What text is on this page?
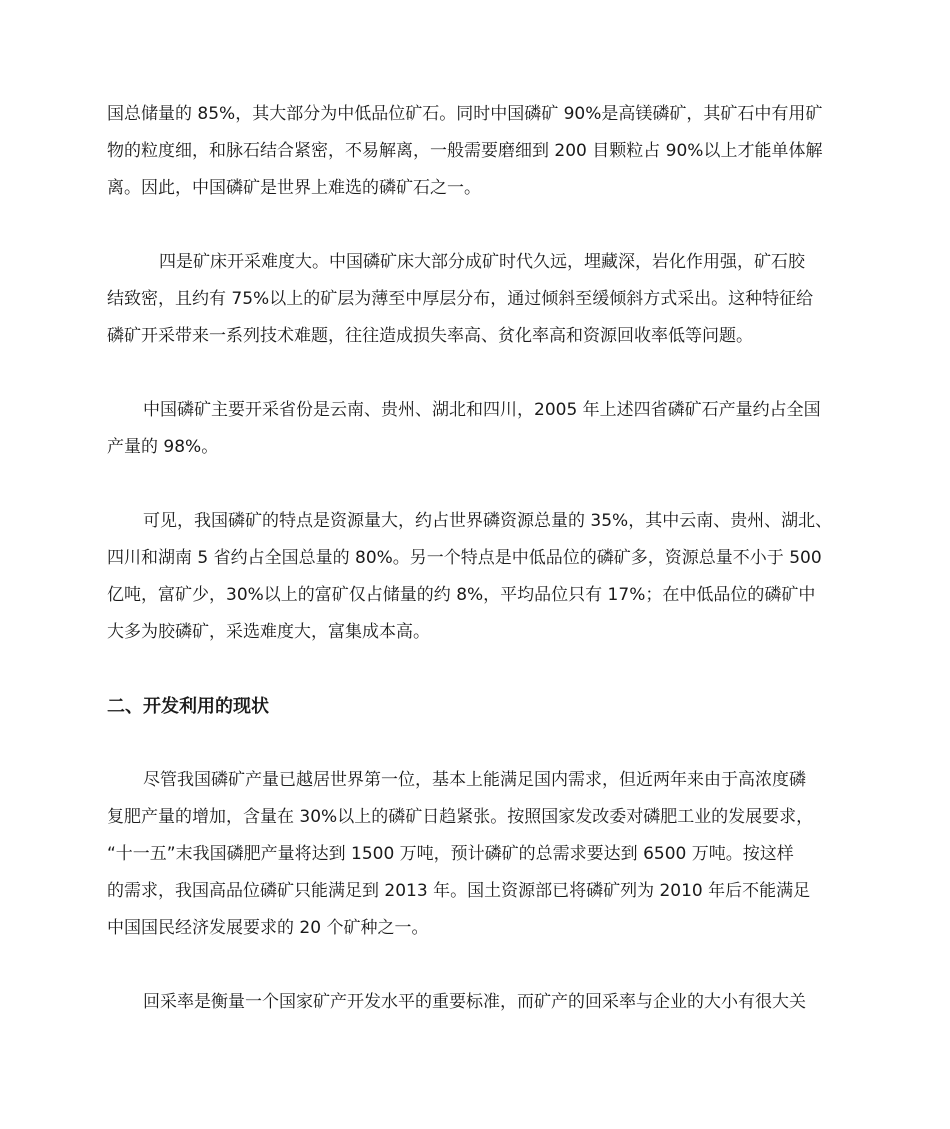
国总储量的 85%，其大部分为中低品位矿石。同时中国磷矿 90%是高镁磷矿，其矿石中有用矿
物的粒度细，和脉石结合紧密，不易解离，一般需要磨细到 200 目颗粒占 90%以上才能单体解
离。因此，中国磷矿是世界上难选的磷矿石之一。

四是矿床开采难度大。中国磷矿床大部分成矿时代久远，埋藏深，岩化作用强，矿石胶
结致密，且约有 75%以上的矿层为薄至中厚层分布，通过倾斜至缓倾斜方式采出。这种特征给
磷矿开采带来一系列技术难题，往往造成损失率高、贫化率高和资源回收率低等问题。

中国磷矿主要开采省份是云南、贵州、湖北和四川，2005 年上述四省磷矿石产量约占全国
产量的 98%。

可见，我国磷矿的特点是资源量大，约占世界磷资源总量的 35%，其中云南、贵州、湖北、
四川和湖南 5 省约占全国总量的 80%。另一个特点是中低品位的磷矿多，资源总量不小于 500
亿吨，富矿少，30%以上的富矿仅占储量的约 8%，平均品位只有 17%；在中低品位的磷矿中
大多为胶磷矿，采选难度大，富集成本高。

二、开发利用的现状

尽管我国磷矿产量已越居世界第一位，基本上能满足国内需求，但近两年来由于高浓度磷
复肥产量的增加，含量在 30%以上的磷矿日趋紧张。按照国家发改委对磷肥工业的发展要求，
“十一五”末我国磷肥产量将达到 1500 万吨，预计磷矿的总需求要达到 6500 万吨。按这样
的需求，我国高品位磷矿只能满足到 2013 年。国土资源部已将磷矿列为 2010 年后不能满足
中国国民经济发展要求的 20 个矿种之一。

回采率是衡量一个国家矿产开发水平的重要标准，而矿产的回采率与企业的大小有很大关
